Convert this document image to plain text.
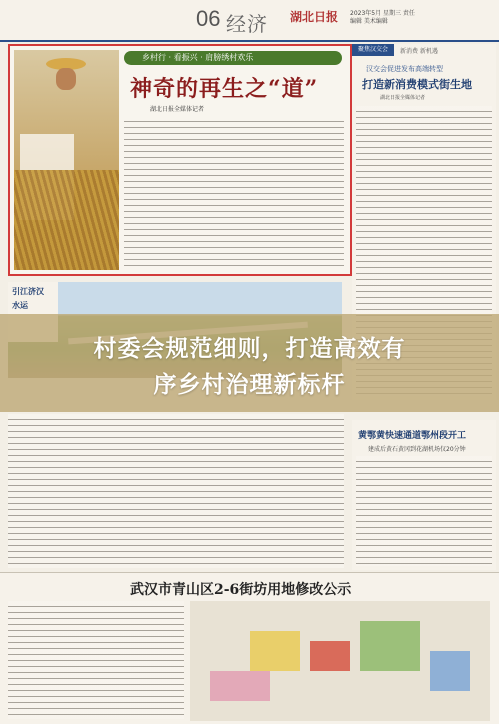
06 经济 湖北日报 2023年5月 星期三 责任编辑 美术编辑
乡村行 · 看振兴 · 肩膀绣村欢乐
神奇的再生之“道”
湖北日报全媒体记者
聚焦汉交会	新消费 新机遇
汉交会促进发布高端转型
打造新消费模式街生地
湖北日报全媒体记者
引江济汉
水运
黄鄂黄快速通道鄂州段开工
建成后黄石黄冈到花湖机场仅20分钟
武汉市青山区2-6街坊用地修改公示
村委会规范细则，打造高效有
序乡村治理新标杆
